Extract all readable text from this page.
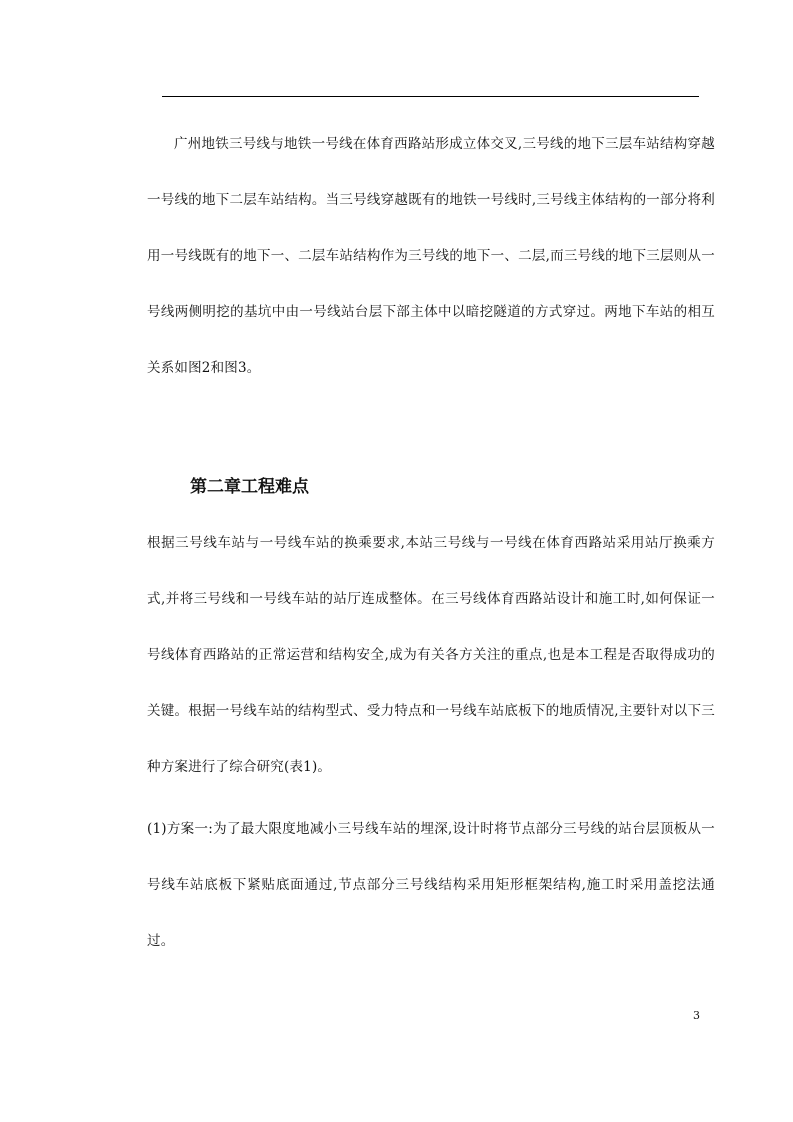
广州地铁三号线与地铁一号线在体育西路站形成立体交叉,三号线的地下三层车站结构穿越一号线的地下二层车站结构。当三号线穿越既有的地铁一号线时,三号线主体结构的一部分将利用一号线既有的地下一、二层车站结构作为三号线的地下一、二层,而三号线的地下三层则从一号线两侧明挖的基坑中由一号线站台层下部主体中以暗挖隧道的方式穿过。两地下车站的相互关系如图2和图3。

第二章工程难点

根据三号线车站与一号线车站的换乘要求,本站三号线与一号线在体育西路站采用站厅换乘方式,并将三号线和一号线车站的站厅连成整体。在三号线体育西路站设计和施工时,如何保证一号线体育西路站的正常运营和结构安全,成为有关各方关注的重点,也是本工程是否取得成功的关键。根据一号线车站的结构型式、受力特点和一号线车站底板下的地质情况,主要针对以下三种方案进行了综合研究(表1)。

(1)方案一:为了最大限度地减小三号线车站的埋深,设计时将节点部分三号线的站台层顶板从一号线车站底板下紧贴底面通过,节点部分三号线结构采用矩形框架结构,施工时采用盖挖法通过。

3
